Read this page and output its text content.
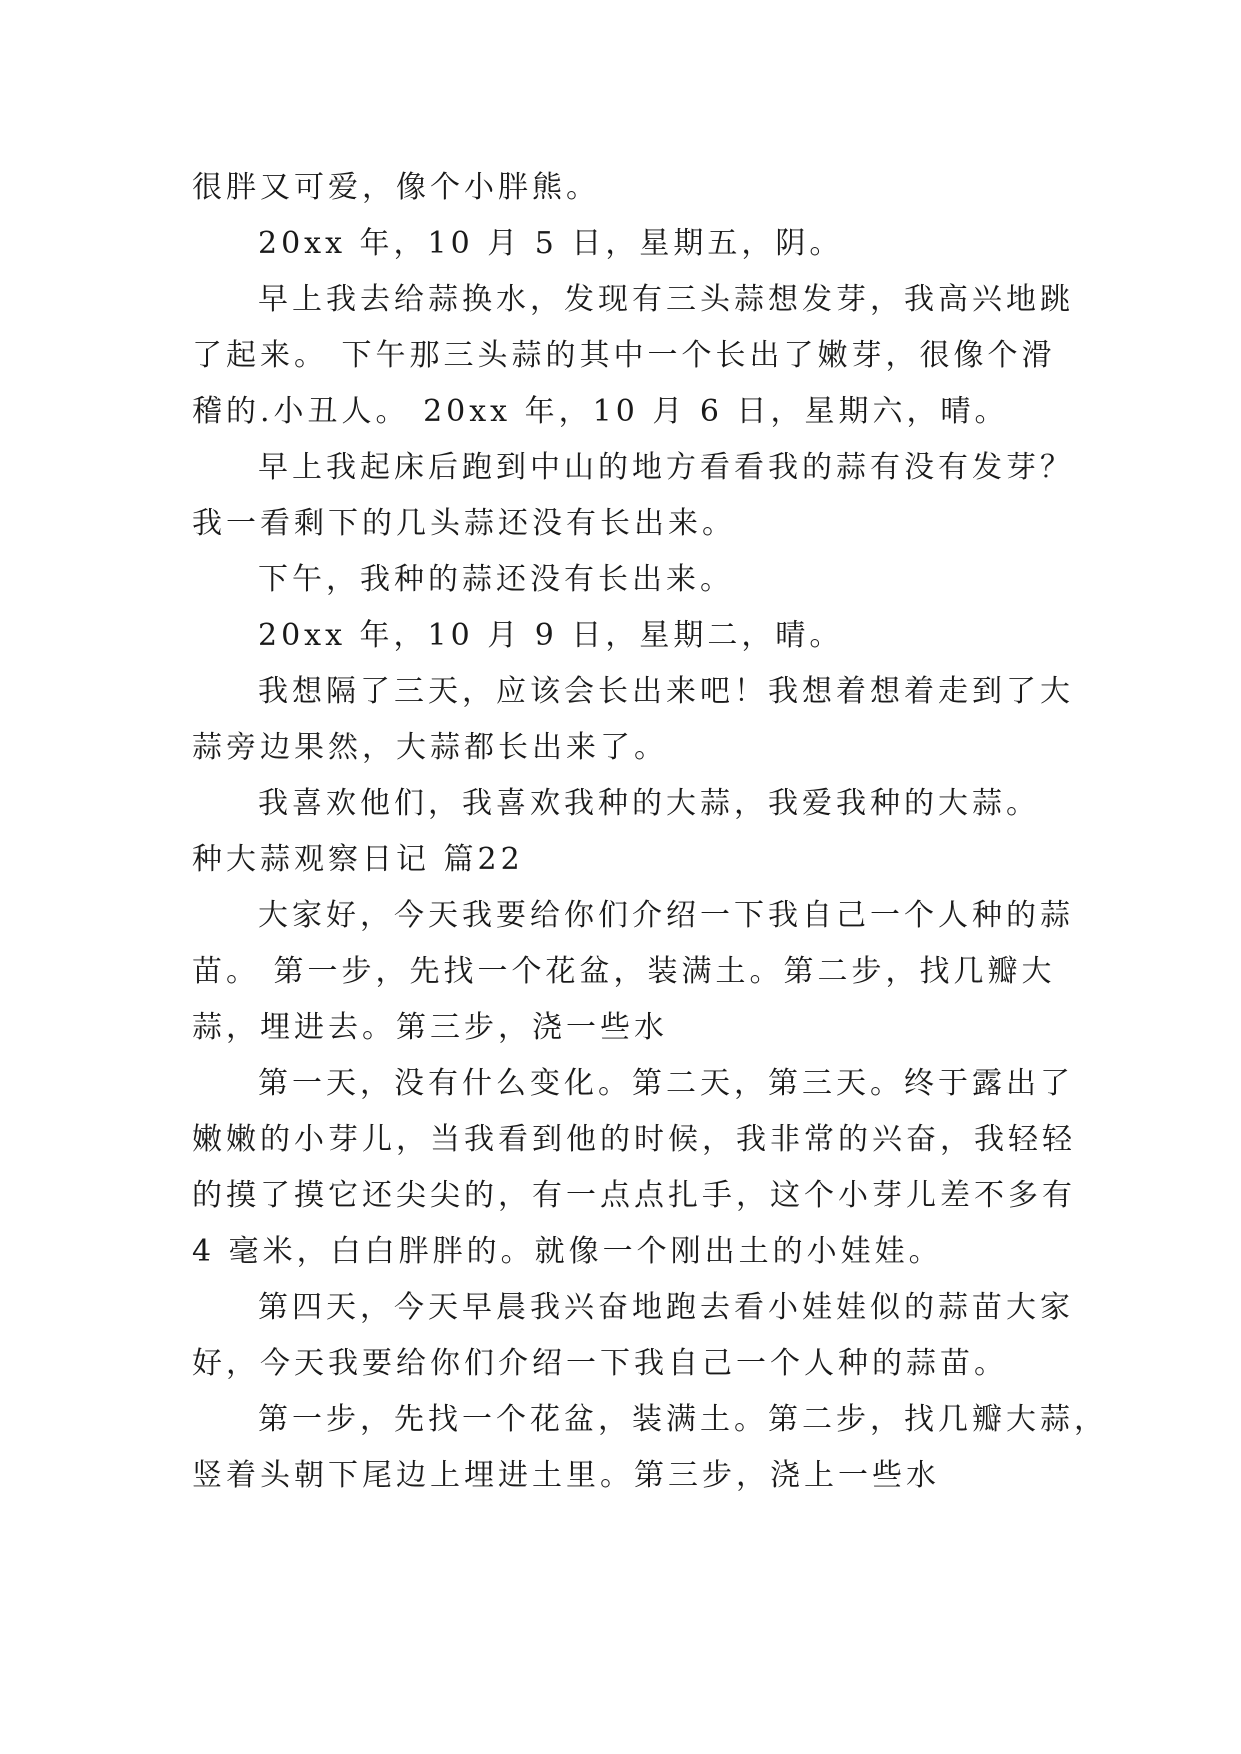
很胖又可爱，像个小胖熊。
20xx 年，10 月 5 日，星期五，阴。
早上我去给蒜换水，发现有三头蒜想发芽，我高兴地跳
了起来。 下午那三头蒜的其中一个长出了嫩芽，很像个滑
稽的.小丑人。 20xx 年，10 月 6 日，星期六，晴。
早上我起床后跑到中山的地方看看我的蒜有没有发芽？
我一看剩下的几头蒜还没有长出来。
下午，我种的蒜还没有长出来。
20xx 年，10 月 9 日，星期二，晴。
我想隔了三天，应该会长出来吧！我想着想着走到了大
蒜旁边果然，大蒜都长出来了。
我喜欢他们，我喜欢我种的大蒜，我爱我种的大蒜。
种大蒜观察日记 篇22
大家好，今天我要给你们介绍一下我自己一个人种的蒜
苗。 第一步，先找一个花盆，装满土。第二步，找几瓣大
蒜，埋进去。第三步，浇一些水
第一天，没有什么变化。第二天，第三天。终于露出了
嫩嫩的小芽儿，当我看到他的时候，我非常的兴奋，我轻轻
的摸了摸它还尖尖的，有一点点扎手，这个小芽儿差不多有
4 毫米，白白胖胖的。就像一个刚出土的小娃娃。
第四天，今天早晨我兴奋地跑去看小娃娃似的蒜苗大家
好，今天我要给你们介绍一下我自己一个人种的蒜苗。
第一步，先找一个花盆，装满土。第二步，找几瓣大蒜，
竖着头朝下尾边上埋进土里。第三步，浇上一些水
